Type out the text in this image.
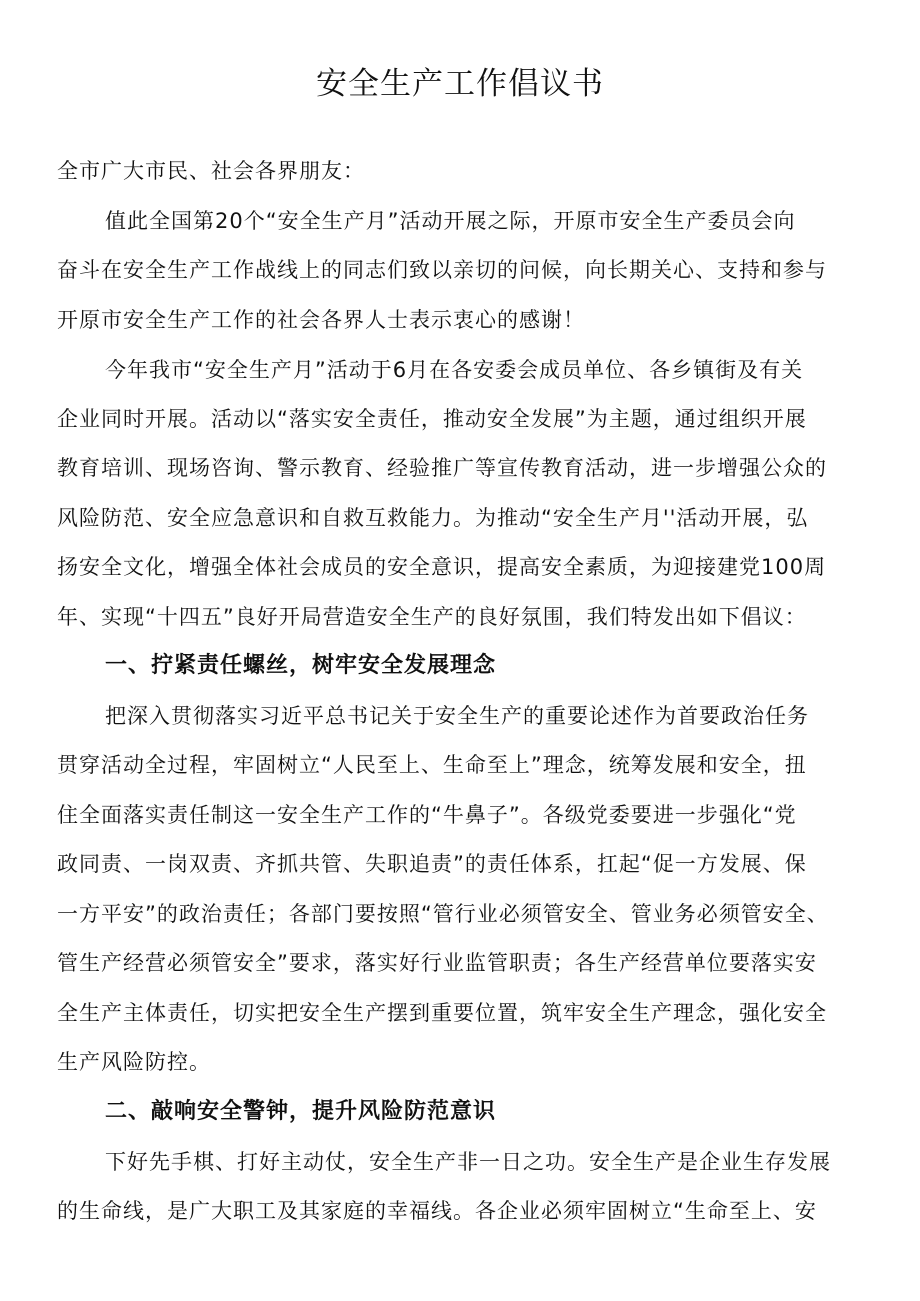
安全生产工作倡议书

全市广大市民、社会各界朋友：

值此全国第20个“安全生产月”活动开展之际，开原市安全生产委员会向

奋斗在安全生产工作战线上的同志们致以亲切的问候，向长期关心、支持和参与

开原市安全生产工作的社会各界人士表示衷心的感谢！

今年我市“安全生产月”活动于6月在各安委会成员单位、各乡镇街及有关

企业同时开展。活动以“落实安全责任，推动安全发展”为主题，通过组织开展

教育培训、现场咨询、警示教育、经验推广等宣传教育活动，进一步增强公众的

风险防范、安全应急意识和自救互救能力。为推动“安全生产月''活动开展，弘

扬安全文化，增强全体社会成员的安全意识，提高安全素质，为迎接建党100周

年、实现“十四五”良好开局营造安全生产的良好氛围，我们特发出如下倡议：

一、拧紧责任螺丝，树牢安全发展理念

把深入贯彻落实习近平总书记关于安全生产的重要论述作为首要政治任务

贯穿活动全过程，牢固树立“人民至上、生命至上”理念，统筹发展和安全，扭

住全面落实责任制这一安全生产工作的“牛鼻子”。各级党委要进一步强化“党

政同责、一岗双责、齐抓共管、失职追责”的责任体系，扛起“促一方发展、保

一方平安”的政治责任；各部门要按照“管行业必须管安全、管业务必须管安全、

管生产经营必须管安全”要求，落实好行业监管职责；各生产经营单位要落实安

全生产主体责任，切实把安全生产摆到重要位置，筑牢安全生产理念，强化安全

生产风险防控。

二、敲响安全警钟，提升风险防范意识

下好先手棋、打好主动仗，安全生产非一日之功。安全生产是企业生存发展

的生命线，是广大职工及其家庭的幸福线。各企业必须牢固树立“生命至上、安
